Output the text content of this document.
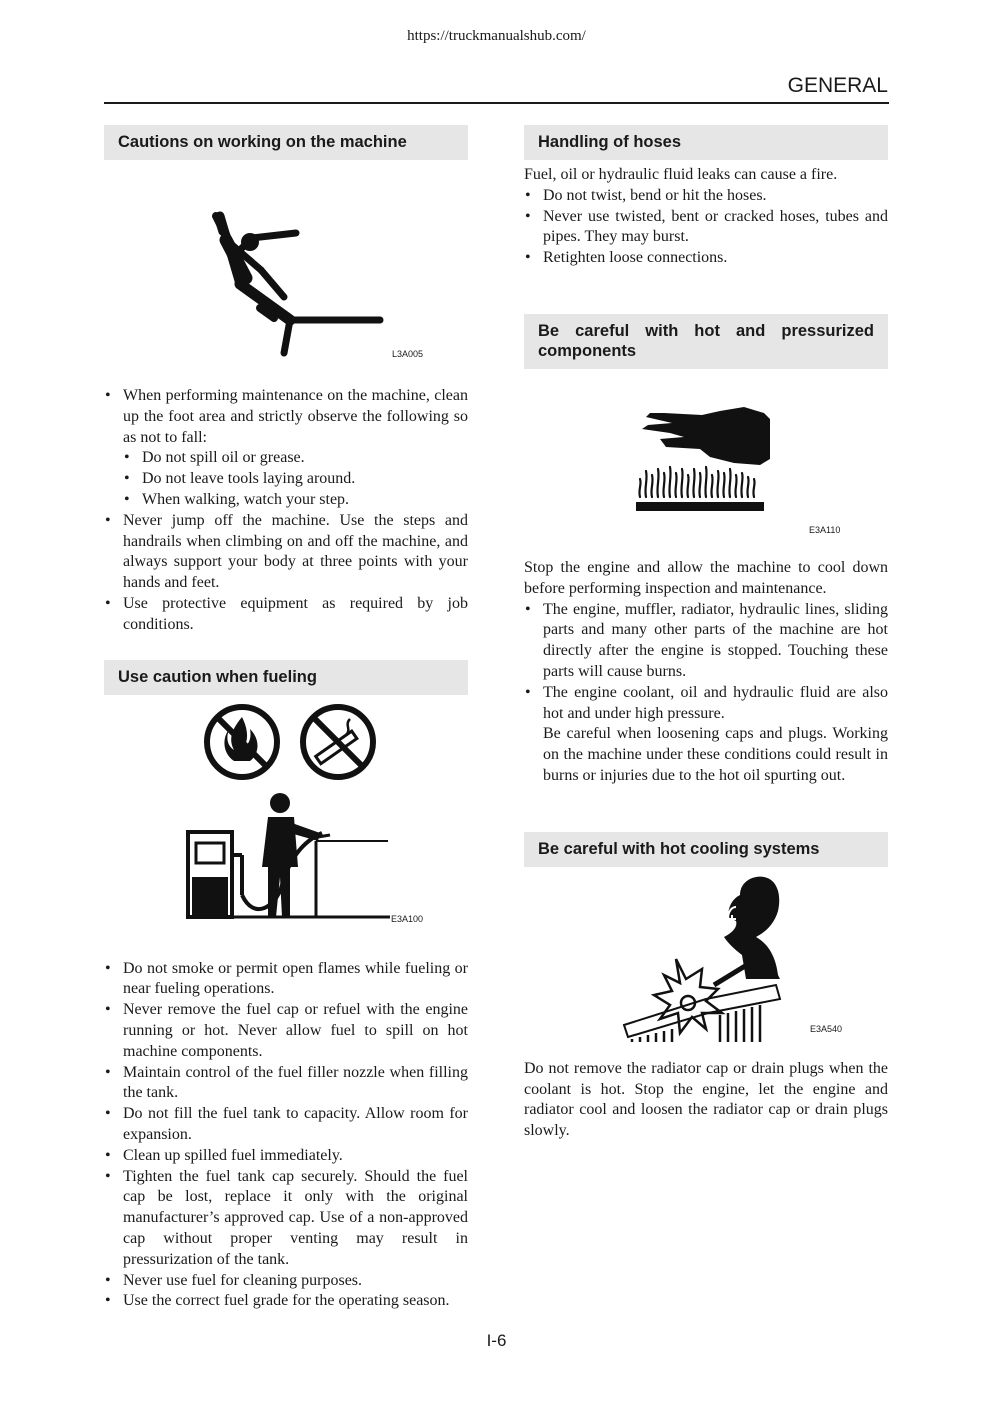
https://truckmanualshub.com/
GENERAL
Cautions on working on the machine
L3A005
• When performing maintenance on the machine, clean up the foot area and strictly observe the following so as not to fall:
• Do not spill oil or grease.
• Do not leave tools laying around.
• When walking, watch your step.
• Never jump off the machine. Use the steps and handrails when climbing on and off the machine, and always support your body at three points with your hands and feet.
• Use protective equipment as required by job conditions.
Use caution when fueling
E3A100
• Do not smoke or permit open flames while fueling or near fueling operations.
• Never remove the fuel cap or refuel with the engine running or hot. Never allow fuel to spill on hot machine components.
• Maintain control of the fuel filler nozzle when filling the tank.
• Do not fill the fuel tank to capacity. Allow room for expansion.
• Clean up spilled fuel immediately.
• Tighten the fuel tank cap securely. Should the fuel cap be lost, replace it only with the original manufacturer’s approved cap. Use of a non-approved cap without proper venting may result in pressurization of the tank.
• Never use fuel for cleaning purposes.
• Use the correct fuel grade for the operating season.
Handling of hoses

Fuel, oil or hydraulic fluid leaks can cause a fire.

• Do not twist, bend or hit the hoses.
• Never use twisted, bent or cracked hoses, tubes and pipes. They may burst.
• Retighten loose connections.
Be careful with hot and pressurized components
E3A110

Stop the engine and allow the machine to cool down before performing inspection and maintenance.

• The engine, muffler, radiator, hydraulic lines, sliding parts and many other parts of the machine are hot directly after the engine is stopped. Touching these parts will cause burns.
• The engine coolant, oil and hydraulic fluid are also hot and under high pressure.
Be careful when loosening caps and plugs. Working on the machine under these conditions could result in burns or injuries due to the hot oil spurting out.
Be careful with hot cooling systems
E3A540

Do not remove the radiator cap or drain plugs when the coolant is hot. Stop the engine, let the engine and radiator cool and loosen the radiator cap or drain plugs slowly.

I-6
